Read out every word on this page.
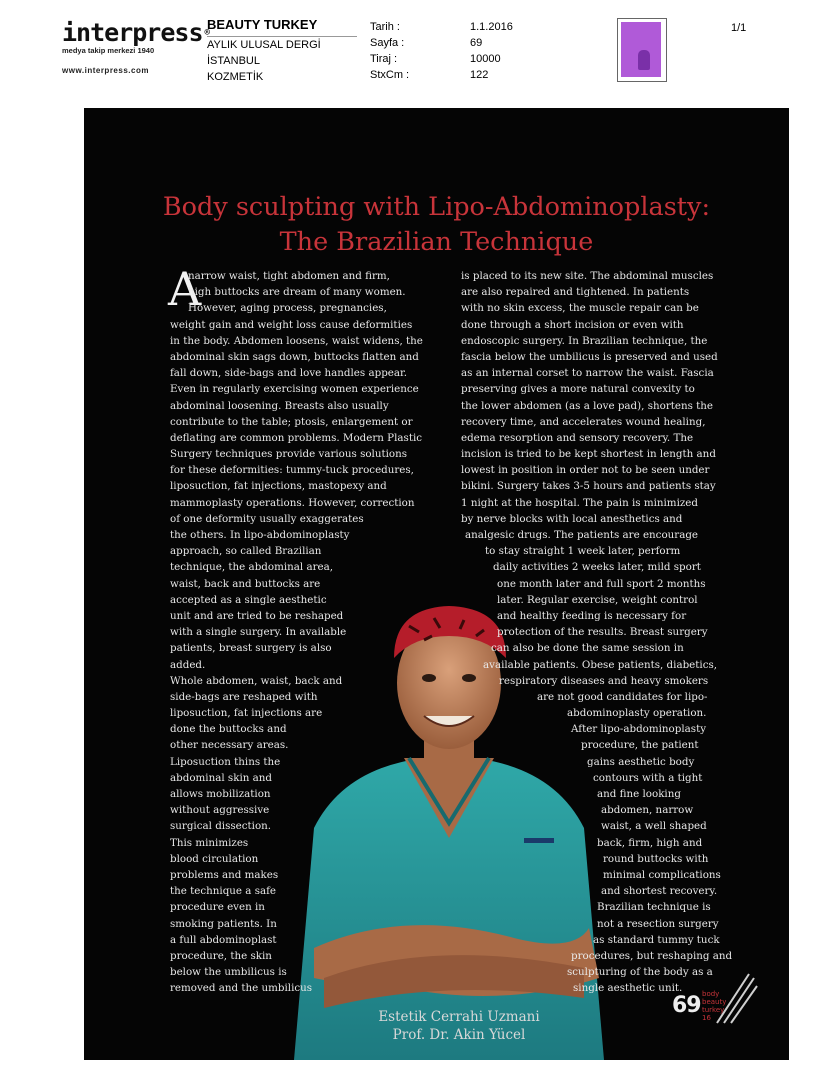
interpress ®
medya takip merkezi 1940
www.interpress.com
BEAUTY TURKEY
AYLIK ULUSAL DERGİ
İSTANBUL
KOZMETİK
Tarih :	1.1.2016
Sayfa :	69
Tiraj :	10000
StxCm :	122
1/1
Body sculpting with Lipo-Abdominoplasty:
The Brazilian Technique
A
narrow waist, tight abdomen and firm,
high buttocks are dream of many women.
However, aging process, pregnancies,
weight gain and weight loss cause deformities
in the body. Abdomen loosens, waist widens, the
abdominal skin sags down, buttocks flatten and
fall down, side-bags and love handles appear.
Even in regularly exercising women experience
abdominal loosening. Breasts also usually
contribute to the table; ptosis, enlargement or
deflating are common problems. Modern Plastic
Surgery techniques provide various solutions
for these deformities: tummy-tuck procedures,
liposuction, fat injections, mastopexy and
mammoplasty operations. However, correction
of one deformity usually exaggerates
the others. In lipo-abdominoplasty
approach, so called Brazilian
technique, the abdominal area,
waist, back and buttocks are
accepted as a single aesthetic
unit and are tried to be reshaped
with a single surgery. In available
patients, breast surgery is also
added.
Whole abdomen, waist, back and
side-bags are reshaped with
liposuction, fat injections are
done the buttocks and
other necessary areas.
Liposuction thins the
abdominal skin and
allows mobilization
without aggressive
surgical dissection.
This minimizes
blood circulation
problems and makes
the technique a safe
procedure even in
smoking patients. In
a full abdominoplast
procedure, the skin
below the umbilicus is
removed and the umbilicus
is placed to its new site. The abdominal muscles
are also repaired and tightened. In patients
with no skin excess, the muscle repair can be
done through a short incision or even with
endoscopic surgery. In Brazilian technique, the
fascia below the umbilicus is preserved and used
as an internal corset to narrow the waist. Fascia
preserving gives a more natural convexity to
the lower abdomen (as a love pad), shortens the
recovery time, and accelerates wound healing,
edema resorption and sensory recovery. The
incision is tried to be kept shortest in length and
lowest in position in order not to be seen under
bikini. Surgery takes 3-5 hours and patients stay
1 night at the hospital. The pain is minimized
by nerve blocks with local anesthetics and
analgesic drugs. The patients are encourage
to stay straight 1 week later, perform
daily activities 2 weeks later, mild sport
one month later and full sport 2 months
later. Regular exercise, weight control
and healthy feeding is necessary for
protection of the results. Breast surgery
can also be done the same session in
available patients. Obese patients, diabetics,
respiratory diseases and heavy smokers
are not good candidates for lipo-
abdominoplasty operation.
After lipo-abdominoplasty
procedure, the patient
gains aesthetic body
contours with a tight
and fine looking
abdomen, narrow
waist, a well shaped
back, firm, high and
round buttocks with
minimal complications
and shortest recovery.
Brazilian technique is
not a resection surgery
as standard tummy tuck
procedures, but reshaping and
sculpturing of the body as a
single aesthetic unit.
Estetik Cerrahi Uzmani
Prof. Dr. Akin Yücel
69 body
beauty
turkey
16
